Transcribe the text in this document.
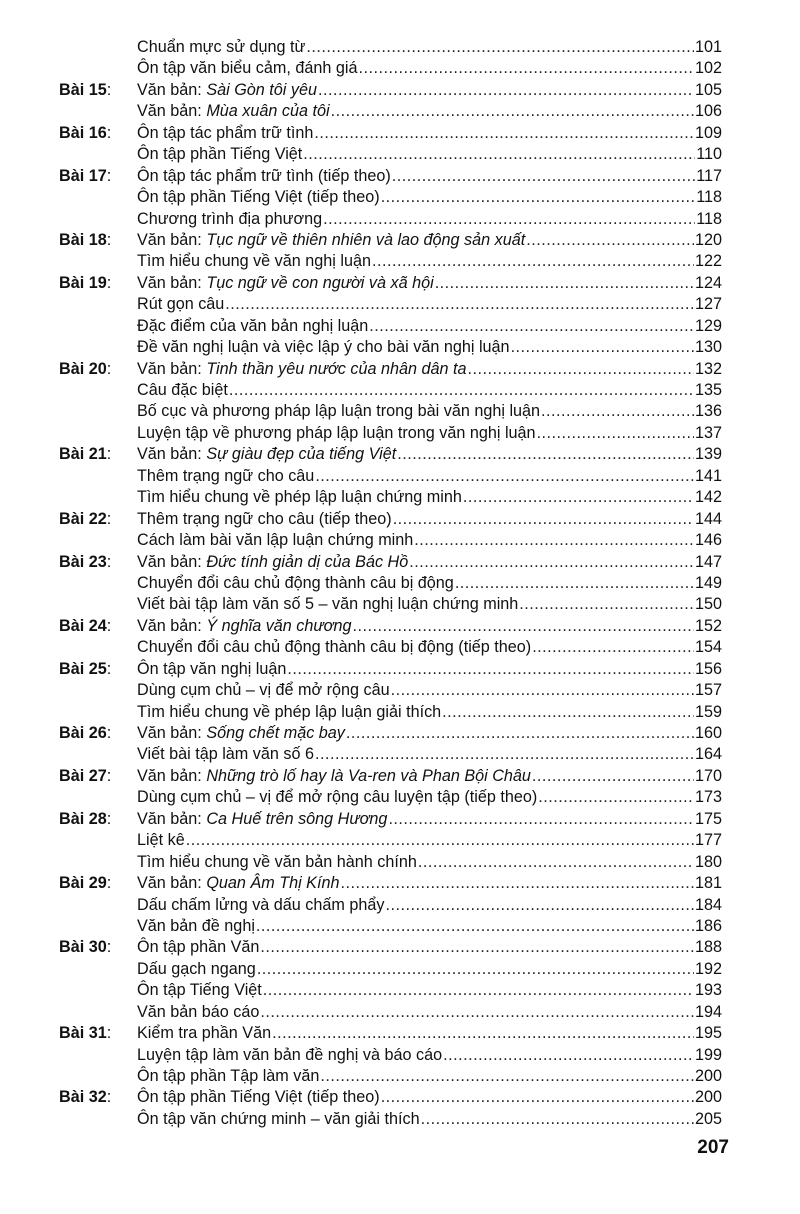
Chuẩn mực sử dụng từ .....	101
Ôn tập văn biểu cảm, đánh giá .....	102
Bài 15: Văn bản: Sài Gòn tôi yêu .....	105
Văn bản: Mùa xuân của tôi .....	106
Bài 16: Ôn tập tác phẩm trữ tình .....	109
Ôn tập phần Tiếng Việt .....	110
Bài 17: Ôn tập tác phẩm trữ tình (tiếp theo) .....	117
Ôn tập phần Tiếng Việt (tiếp theo) .....	118
Chương trình địa phương .....	118
Bài 18: Văn bản: Tục ngữ về thiên nhiên và lao động sản xuất .....	120
Tìm hiểu chung về văn nghị luận .....	122
Bài 19: Văn bản: Tục ngữ về con người và xã hội .....	124
Rút gọn câu .....	127
Đặc điểm của văn bản nghị luận .....	129
Đề văn nghị luận và việc lập ý cho bài văn nghị luận .....	130
Bài 20: Văn bản: Tinh thần yêu nước của nhân dân ta .....	132
Câu đặc biệt .....	135
Bố cục và phương pháp lập luận trong bài văn nghị luận .....	136
Luyện tập về phương pháp lập luận trong văn nghị luận .....	137
Bài 21: Văn bản: Sự giàu đẹp của tiếng Việt .....	139
Thêm trạng ngữ cho câu .....	141
Tìm hiểu chung về phép lập luận chứng minh .....	142
Bài 22: Thêm trạng ngữ cho câu (tiếp theo) .....	144
Cách làm bài văn lập luận chứng minh .....	146
Bài 23: Văn bản: Đức tính giản dị của Bác Hồ .....	147
Chuyển đổi câu chủ động thành câu bị động .....	149
Viết bài tập làm văn số 5 – văn nghị luận chứng minh .....	150
Bài 24: Văn bản: Ý nghĩa văn chương .....	152
Chuyển đổi câu chủ động thành câu bị động (tiếp theo) .....	154
Bài 25: Ôn tập văn nghị luận .....	156
Dùng cụm chủ – vị để mở rộng câu .....	157
Tìm hiểu chung về phép lập luận giải thích .....	159
Bài 26: Văn bản: Sống chết mặc bay .....	160
Viết bài tập làm văn số 6 .....	164
Bài 27: Văn bản: Những trò lố hay là Va-ren và Phan Bội Châu .....	170
Dùng cụm chủ – vị để mở rộng câu luyện tập (tiếp theo) .....	173
Bài 28: Văn bản: Ca Huế trên sông Hương .....	175
Liệt kê .....	177
Tìm hiểu chung về văn bản hành chính .....	180
Bài 29: Văn bản: Quan Âm Thị Kính .....	181
Dấu chấm lửng và dấu chấm phẩy .....	184
Văn bản đề nghị .....	186
Bài 30: Ôn tập phần Văn .....	188
Dấu gạch ngang .....	192
Ôn tập Tiếng Việt .....	193
Văn bản báo cáo .....	194
Bài 31: Kiểm tra phần Văn .....	195
Luyện tập làm văn bản đề nghị và báo cáo .....	199
Ôn tập phần Tập làm văn .....	200
Bài 32: Ôn tập phần Tiếng Việt (tiếp theo) .....	200
Ôn tập văn chứng minh – văn giải thích .....	205
207
